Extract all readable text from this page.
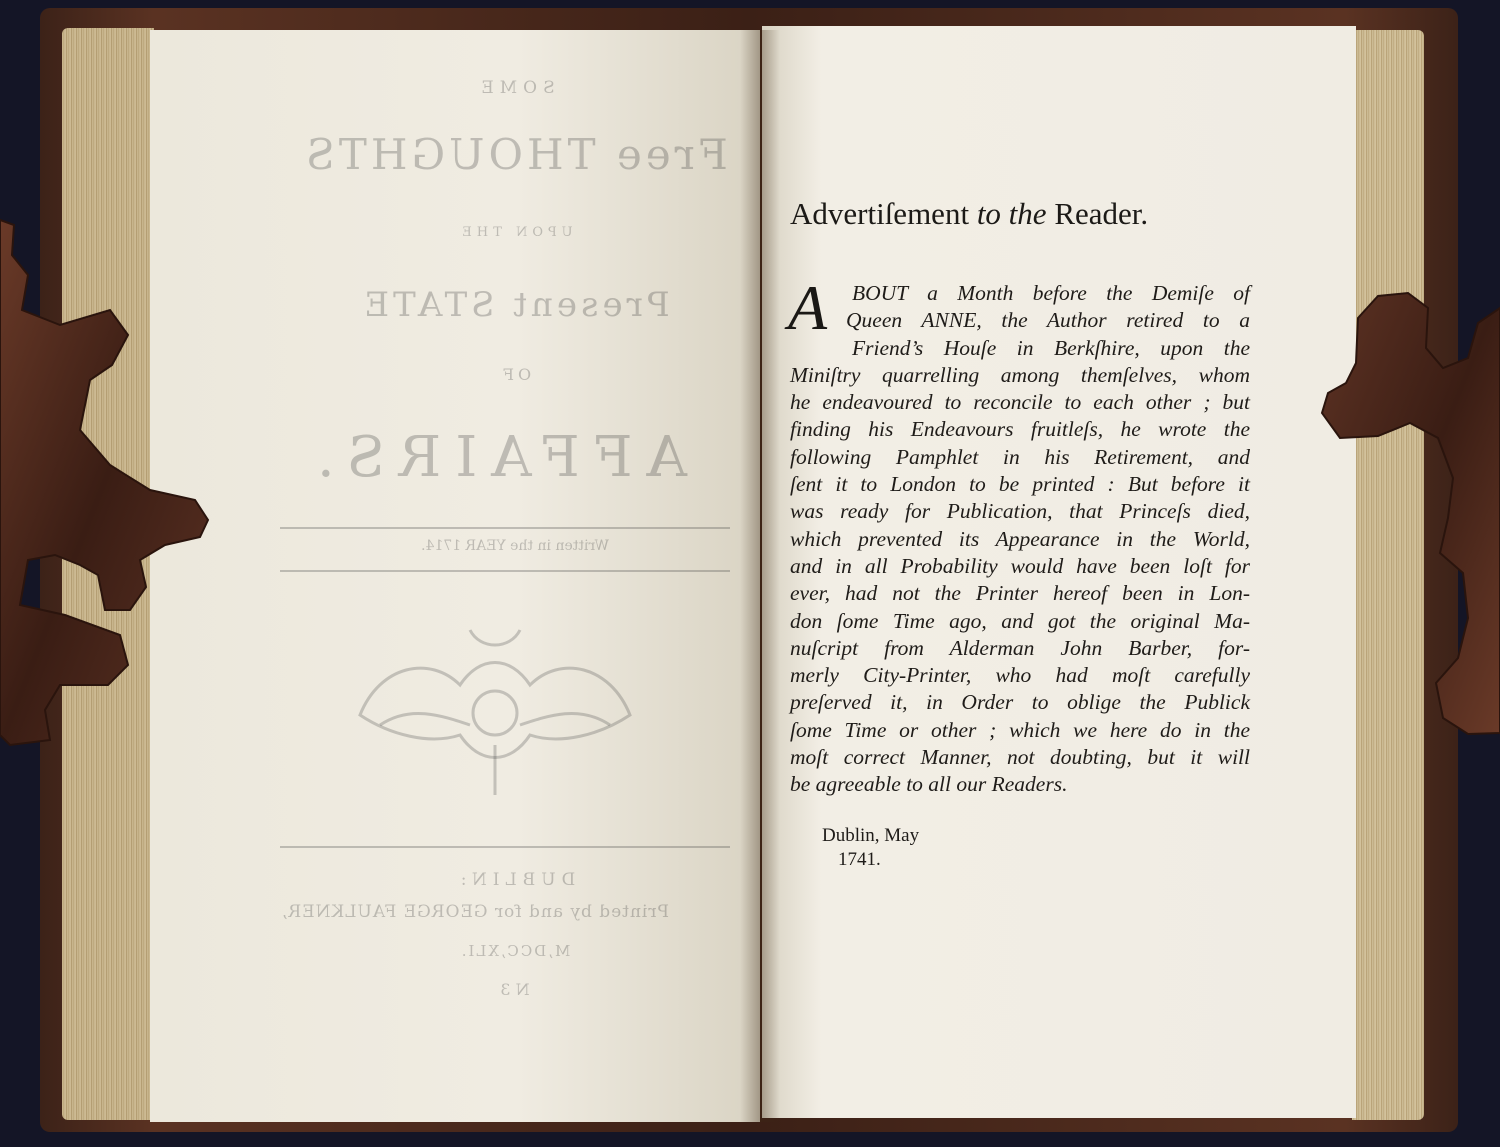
SOME
Free THOUGHTS
UPON THE
Present STATE
OF
AFFAIRS.
Written in the YEAR 1714.
DUBLIN:
Printed by and for GEORGE FAULKNER,
M,DCC,XLI.
N 3
Advertiſement to the Reader.
A	BOUT a Month before the Demiſe of
Queen ANNE, the Author retired to a
Friend’s Houſe in Berkſhire, upon the
Miniſtry quarrelling among themſelves, whom
he endeavoured to reconcile to each other ; but
finding his Endeavours fruitleſs, he wrote the
following Pamphlet in his Retirement, and
ſent it to London to be printed : But before it
was ready for Publication, that Princeſs died,
which prevented its Appearance in the World,
and in all Probability would have been loſt for
ever, had not the Printer hereof been in Lon-
don ſome Time ago, and got the original Ma-
nuſcript from Alderman John Barber, for-
merly City-Printer, who had moſt carefully
preſerved it, in Order to oblige the Publick
ſome Time or other ; which we here do in the
moſt correct Manner, not doubting, but it will
be agreeable to all our Readers.
Dublin, May
1741.
